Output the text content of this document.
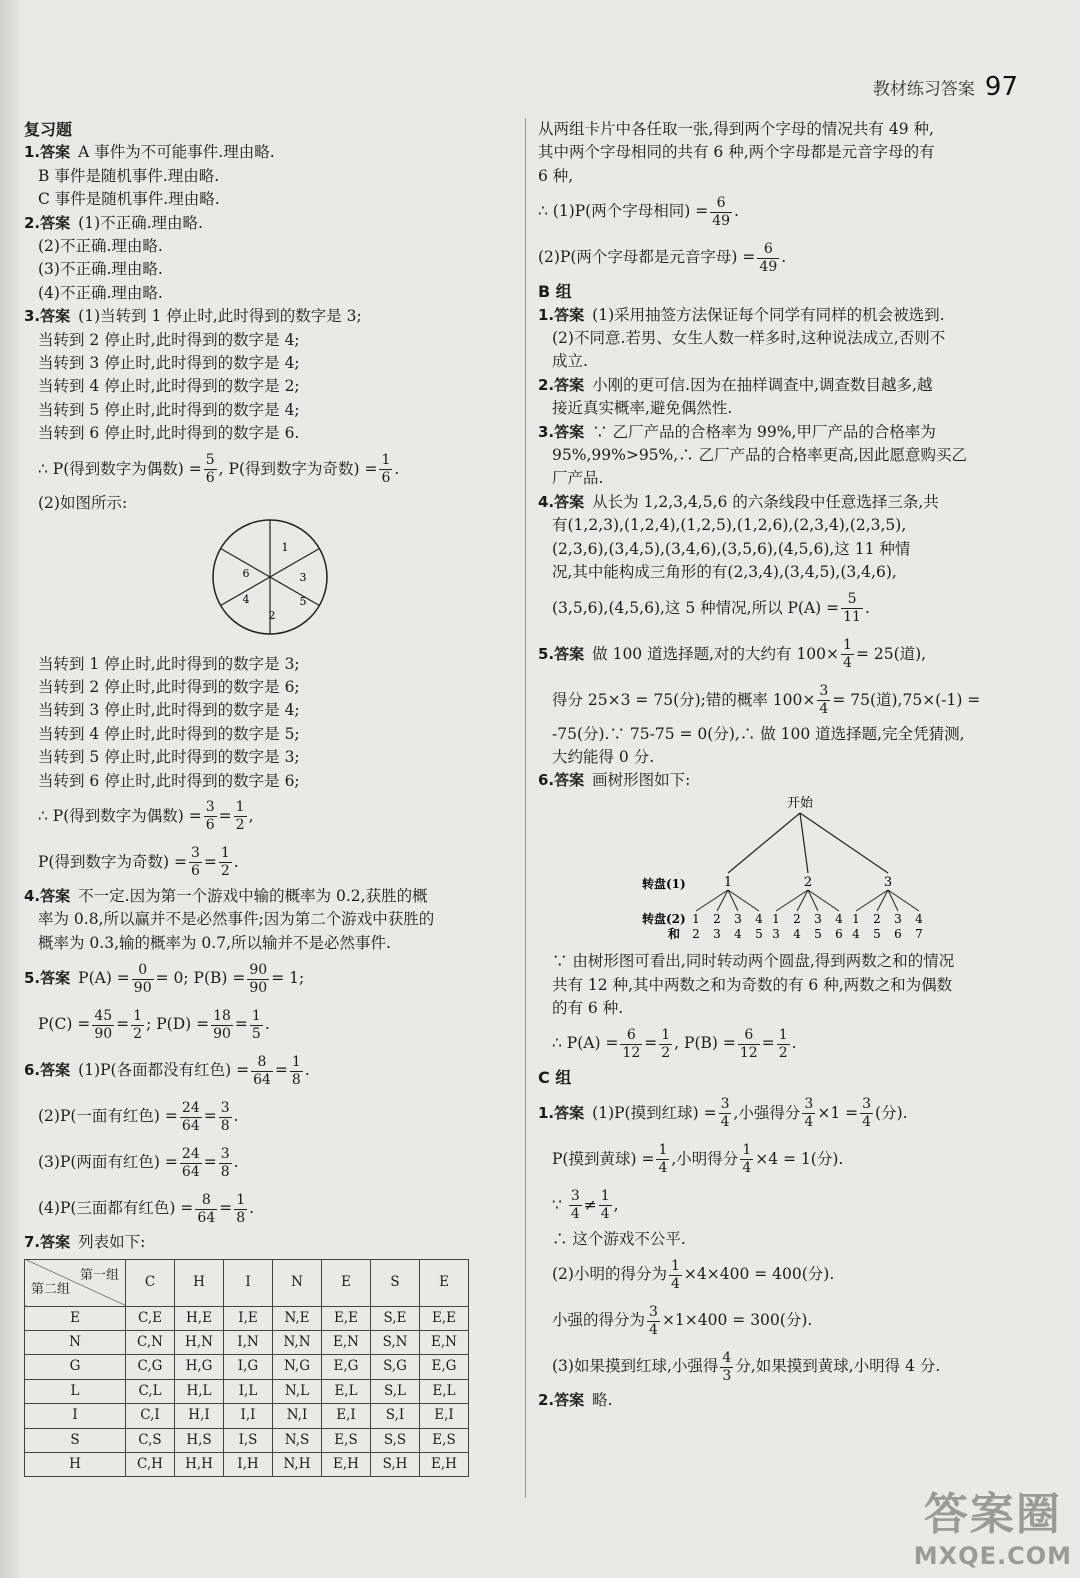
教材练习答案 97
复习题
1.答案 A 事件为不可能事件.理由略.
B 事件是随机事件.理由略.
C 事件是随机事件.理由略.
2.答案 (1)不正确.理由略.
(2)不正确.理由略.
(3)不正确.理由略.
(4)不正确.理由略.
3.答案 (1)当转到 1 停止时,此时得到的数字是 3;
当转到 2 停止时,此时得到的数字是 4;
当转到 3 停止时,此时得到的数字是 4;
当转到 4 停止时,此时得到的数字是 2;
当转到 5 停止时,此时得到的数字是 4;
当转到 6 停止时,此时得到的数字是 6.
∴ P(得到数字为偶数) = $\frac{5}{6}$ , P(得到数字为奇数) = $\frac{1}{6}$ .
(2)如图所示:
1
3
5
2
4
6
当转到 1 停止时,此时得到的数字是 3;
当转到 2 停止时,此时得到的数字是 6;
当转到 3 停止时,此时得到的数字是 4;
当转到 4 停止时,此时得到的数字是 5;
当转到 5 停止时,此时得到的数字是 3;
当转到 6 停止时,此时得到的数字是 6;
∴ P(得到数字为偶数) = $\frac{3}{6} = \frac{1}{2}$ ,
P(得到数字为奇数) = $\frac{3}{6} = \frac{1}{2}$ .
4.答案 不一定.因为第一个游戏中输的概率为 0.2,获胜的概
率为 0.8,所以赢并不是必然事件;因为第二个游戏中获胜的
概率为 0.3,输的概率为 0.7,所以输并不是必然事件.
5.答案 $P(A) = \frac{0}{90} = 0$; $P(B) = \frac{90}{90} = 1$;
$P(C) = \frac{45}{90} = \frac{1}{2}$ ; $P(D) = \frac{18}{90} = \frac{1}{5}$ .
6.答案 (1)P(各面都没有红色) = $\frac{8}{64} = \frac{1}{8}$ .
(2)P(一面有红色) = $\frac{24}{64} = \frac{3}{8}$ .
(3)P(两面有红色) = $\frac{24}{64} = \frac{3}{8}$ .
(4)P(三面都有红色) = $\frac{8}{64} = \frac{1}{8}$ .
7.答案 列表如下:
第一组
第二组	C	H	I	N	E	S	E
E	C,E	H,E	I,E	N,E	E,E	S,E	E,E
N	C,N	H,N	I,N	N,N	E,N	S,N	E,N
G	C,G	H,G	I,G	N,G	E,G	S,G	E,G
L	C,L	H,L	I,L	N,L	E,L	S,L	E,L
I	C,I	H,I	I,I	N,I	E,I	S,I	E,I
S	C,S	H,S	I,S	N,S	E,S	S,S	E,S
H	C,H	H,H	I,H	N,H	E,H	S,H	E,H
从两组卡片中各任取一张,得到两个字母的情况共有 49 种,
其中两个字母相同的共有 6 种,两个字母都是元音字母的有
6 种,
∴ (1)P(两个字母相同) = $\frac{6}{49}$ .
(2)P(两个字母都是元音字母) = $\frac{6}{49}$ .
B 组
1.答案 (1)采用抽签方法保证每个同学有同样的机会被选到.
(2)不同意.若男、女生人数一样多时,这种说法成立,否则不
成立.
2.答案 小刚的更可信.因为在抽样调查中,调查数目越多,越
接近真实概率,避免偶然性.
3.答案 ∵ 乙厂产品的合格率为 99%,甲厂产品的合格率为
95%,99%>95%,∴ 乙厂产品的合格率更高,因此愿意购买乙
厂产品.
4.答案 从长为 1,2,3,4,5,6 的六条线段中任意选择三条,共
有(1,2,3),(1,2,4),(1,2,5),(1,2,6),(2,3,4),(2,3,5),
(2,3,6),(3,4,5),(3,4,6),(3,5,6),(4,5,6),这 11 种情
况,其中能构成三角形的有(2,3,4),(3,4,5),(3,4,6),
(3,5,6),(4,5,6),这 5 种情况,所以 $P(A) = \frac{5}{11}$ .
5.答案 做 100 道选择题,对的大约有 $100\times \frac{1}{4} = 25$(道),
得分 25×3 = 75(分);错的概率 $100\times \frac{3}{4} = 75$(道),75×(-1) =
-75(分).∵ 75-75 = 0(分),∴ 做 100 道选择题,完全凭猜测,
大约能得 0 分.
6.答案 画树形图如下:
开始
转盘(1)	1	2	3
转盘(2)
和
1 2 3 4 1 2 3 4 1 2 3 4
2 3 4 5 3 4 5 6 4 5 6 7
∵ 由树形图可看出,同时转动两个圆盘,得到两数之和的情况
共有 12 种,其中两数之和为奇数的有 6 种,两数之和为偶数
的有 6 种.
∴ $P(A) = \frac{6}{12} = \frac{1}{2}$ , $P(B) = \frac{6}{12} = \frac{1}{2}$ .
C 组
1.答案 (1)P(摸到红球) = $\frac{3}{4}$ ,小强得分 $\frac{3}{4} \times 1 = \frac{3}{4}$ (分).
P(摸到黄球) = $\frac{1}{4}$ ,小明得分 $\frac{1}{4} \times 4 = 1$(分).
∵ $\frac{3}{4} \ne \frac{1}{4}$ ,
∴ 这个游戏不公平.
(2)小明的得分为 $\frac{1}{4} \times 4\times 400 = 400$(分).
小强的得分为 $\frac{3}{4} \times 1\times 400 = 300$(分).
(3)如果摸到红球,小强得 $\frac{4}{3}$ 分,如果摸到黄球,小明得 4 分.
2.答案 略.
答案圈
MXQE.COM
